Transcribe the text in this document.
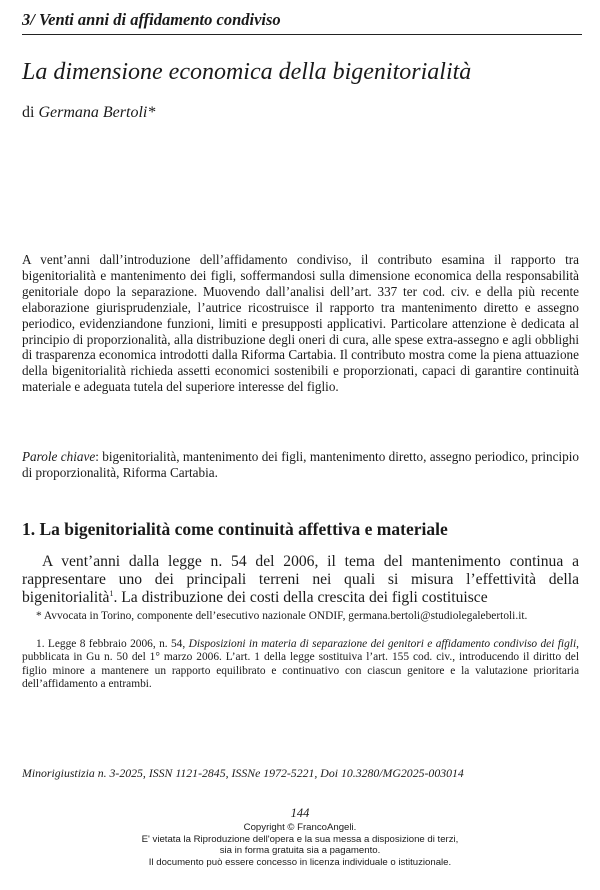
3/ Venti anni di affidamento condiviso
La dimensione economica della bigenitorialità
di Germana Bertoli*

A vent’anni dall’introduzione dell’affidamento condiviso, il contributo esamina il rapporto tra bigenitorialità e mantenimento dei figli, soffermandosi sulla dimensione economica della responsabilità genitoriale dopo la separazione. Muovendo dall’analisi dell’art. 337 ter cod. civ. e della più recente elaborazione giurisprudenziale, l’autrice ricostruisce il rapporto tra mantenimento diretto e assegno periodico, evidenziandone funzioni, limiti e presupposti applicativi. Particolare attenzione è dedicata al principio di proporzionalità, alla distribuzione degli oneri di cura, alle spese extra-assegno e agli obblighi di trasparenza economica introdotti dalla Riforma Cartabia. Il contributo mostra come la piena attuazione della bigenitorialità richieda assetti economici sostenibili e proporzionati, capaci di garantire continuità materiale e adeguata tutela del superiore interesse del figlio.

Parole chiave: bigenitorialità, mantenimento dei figli, mantenimento diretto, assegno periodico, principio di proporzionalità, Riforma Cartabia.

1. La bigenitorialità come continuità affettiva e materiale

A vent’anni dalla legge n. 54 del 2006, il tema del mantenimento continua a rappresentare uno dei principali terreni nei quali si misura l’effettività della bigenitorialità$^1$. La distribuzione dei costi della crescita dei figli costituisce

* Avvocata in Torino, componente dell’esecutivo nazionale ONDIF, germana.bertoli@studiolegalebertoli.it.

1. Legge 8 febbraio 2006, n. 54, Disposizioni in materia di separazione dei genitori e affidamento condiviso dei figli, pubblicata in Gu n. 50 del 1° marzo 2006. L’art. 1 della legge sostituiva l’art. 155 cod. civ., introducendo il diritto del figlio minore a mantenere un rapporto equilibrato e continuativo con ciascun genitore e la valutazione prioritaria dell’affidamento a entrambi.

Minorigiustizia n. 3-2025, ISSN 1121-2845, ISSNe 1972-5221, Doi 10.3280/MG2025-003014

144

Copyright © FrancoAngeli.
E' vietata la Riproduzione dell'opera e la sua messa a disposizione di terzi,
sia in forma gratuita sia a pagamento.
Il documento può essere concesso in licenza individuale o istituzionale.
